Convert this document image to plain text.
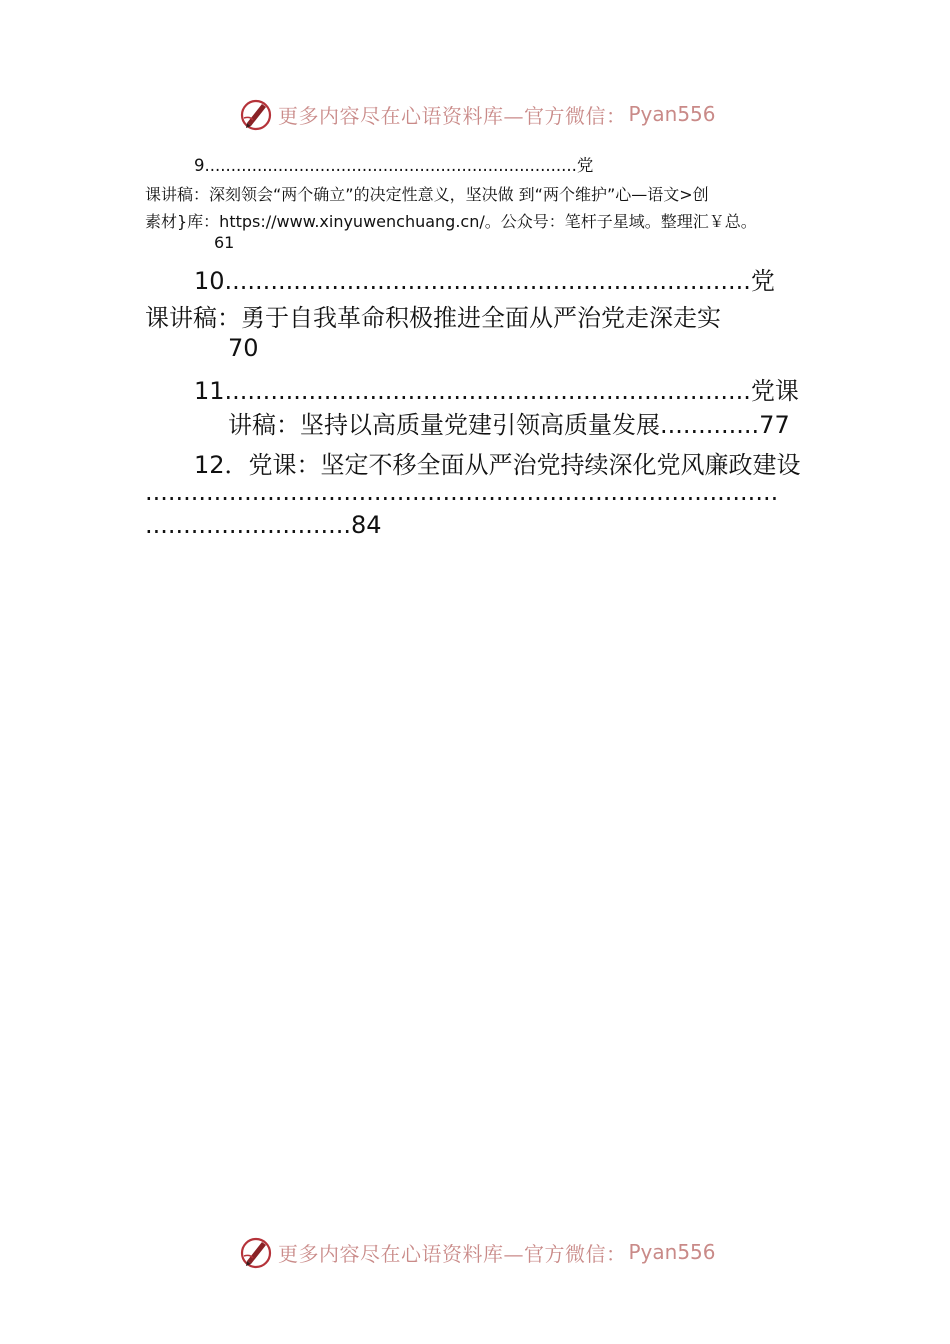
更多内容尽在心语资料库—官方微信： Pyan556
9.......................................................................党
课讲稿：深刻领会“两个确立”的决定性意义，坚决做 到“两个维护”心—语文>创
素材}库：https://www.xinyuwenchuang.cn/。公众号：笔杆子星域。整理汇￥总。
61
10.....................................................................党
课讲稿：勇于自我革命积极推进全面从严治党走深走实
70
11.....................................................................党课
讲稿：坚持以高质量党建引领高质量发展.............77
12．党课：坚定不移全面从严治党持续深化党风廉政建设
...................................................................................
...........................84
更多内容尽在心语资料库—官方微信： Pyan556
